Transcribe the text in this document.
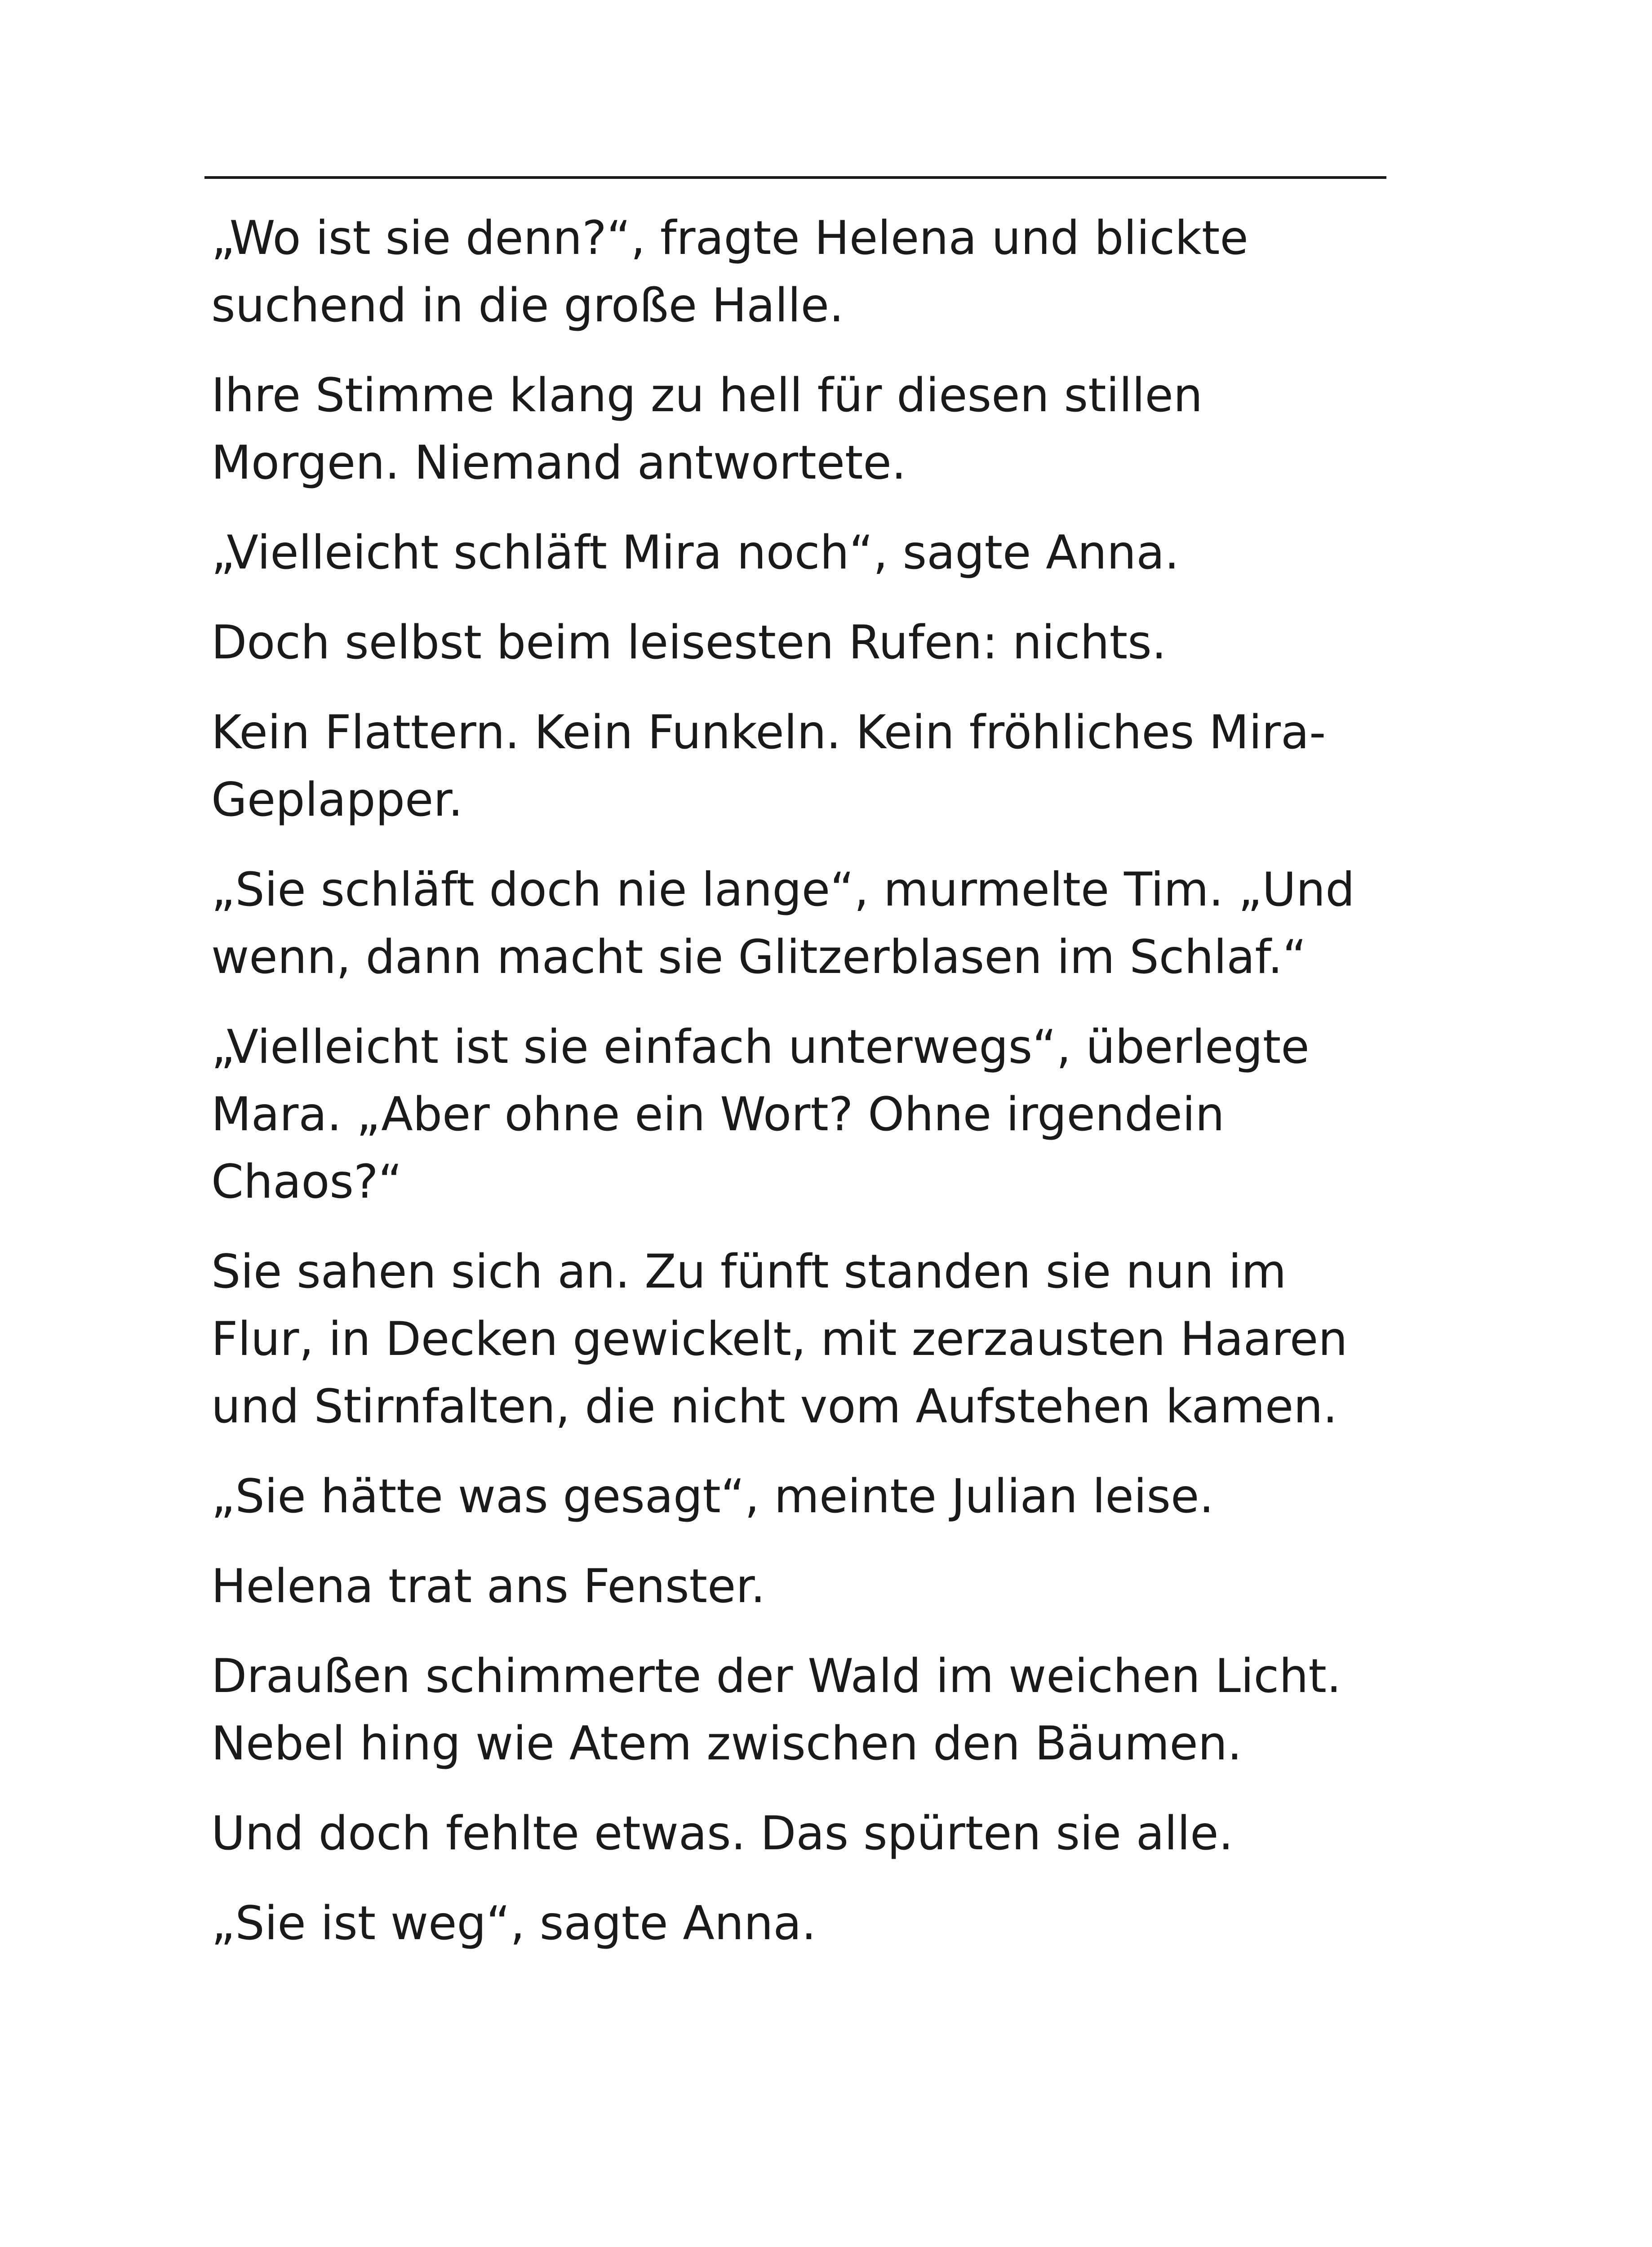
„Wo ist sie denn?“, fragte Helena und blickte suchend in die große Halle.

Ihre Stimme klang zu hell für diesen stillen Morgen. Niemand antwortete.

„Vielleicht schläft Mira noch“, sagte Anna.

Doch selbst beim leisesten Rufen: nichts.

Kein Flattern. Kein Funkeln. Kein fröhliches Mira-Geplapper.

„Sie schläft doch nie lange“, murmelte Tim. „Und wenn, dann macht sie Glitzerblasen im Schlaf.“

„Vielleicht ist sie einfach unterwegs“, überlegte Mara. „Aber ohne ein Wort? Ohne irgendein Chaos?“

Sie sahen sich an. Zu fünft standen sie nun im Flur, in Decken gewickelt, mit zerzausten Haaren und Stirnfalten, die nicht vom Aufstehen kamen.

„Sie hätte was gesagt“, meinte Julian leise.

Helena trat ans Fenster.

Draußen schimmerte der Wald im weichen Licht. Nebel hing wie Atem zwischen den Bäumen.

Und doch fehlte etwas. Das spürten sie alle.

„Sie ist weg“, sagte Anna.
